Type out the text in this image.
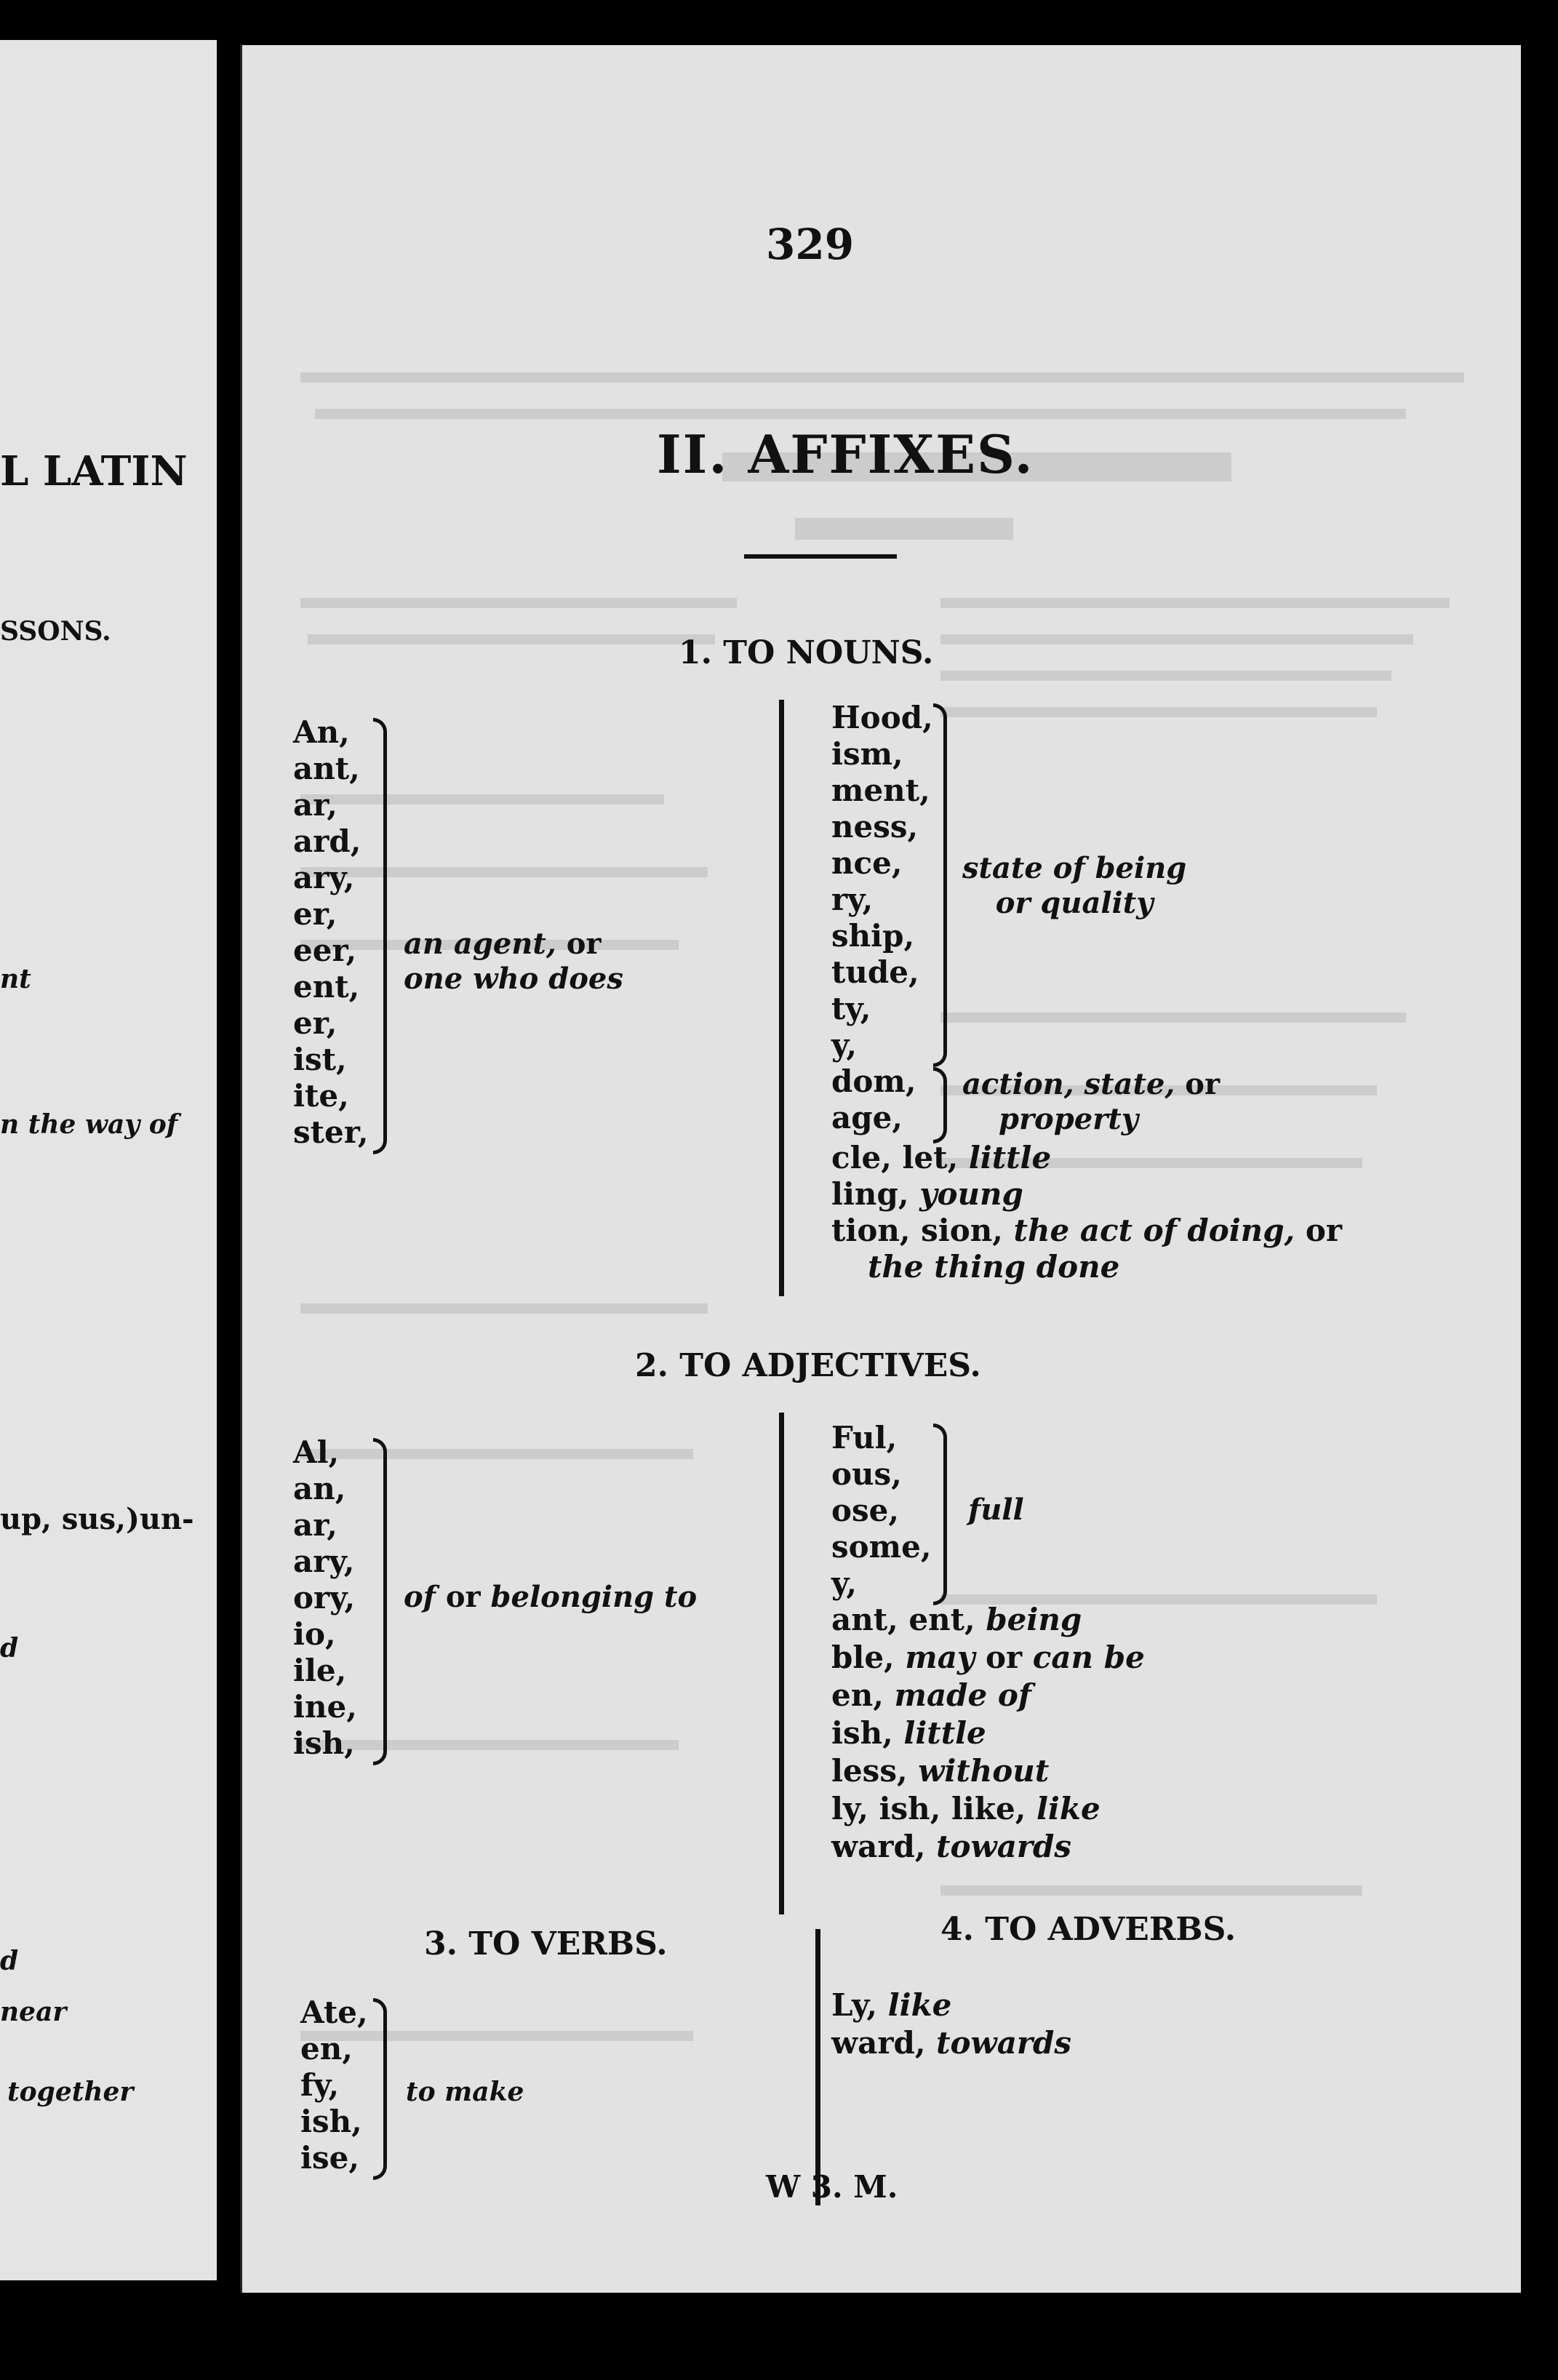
L LATIN
SSONS.
nt
n the way of
up, sus,)un-
d
d
near
together
329
II. AFFIXES.
1. TO NOUNS.
An,
ant,
ar,
ard,
ary,
er,
eer,
ent,
er,
ist,
ite,
ster,
an agent, or
one who does
Hood,
ism,
ment,
ness,
nce,
ry,
ship,
tude,
ty,
y,
dom,
age,
state of being
or quality
action, state, or
property
cle, let, little
ling, young
tion, sion, the act of doing, or
the thing done
2. TO ADJECTIVES.
Al,
an,
ar,
ary,
ory,
io,
ile,
ine,
ish,
of or belonging to
Ful,
ous,
ose,
some,
y,
full
ant, ent, being
ble, may or can be
en, made of
ish, little
less, without
ly, ish, like, like
ward, towards
3. TO VERBS.
Ate,
en,
fy,
ish,
ise,
to make
4. TO ADVERBS.
Ly, like
ward, towards
W 3. M.
